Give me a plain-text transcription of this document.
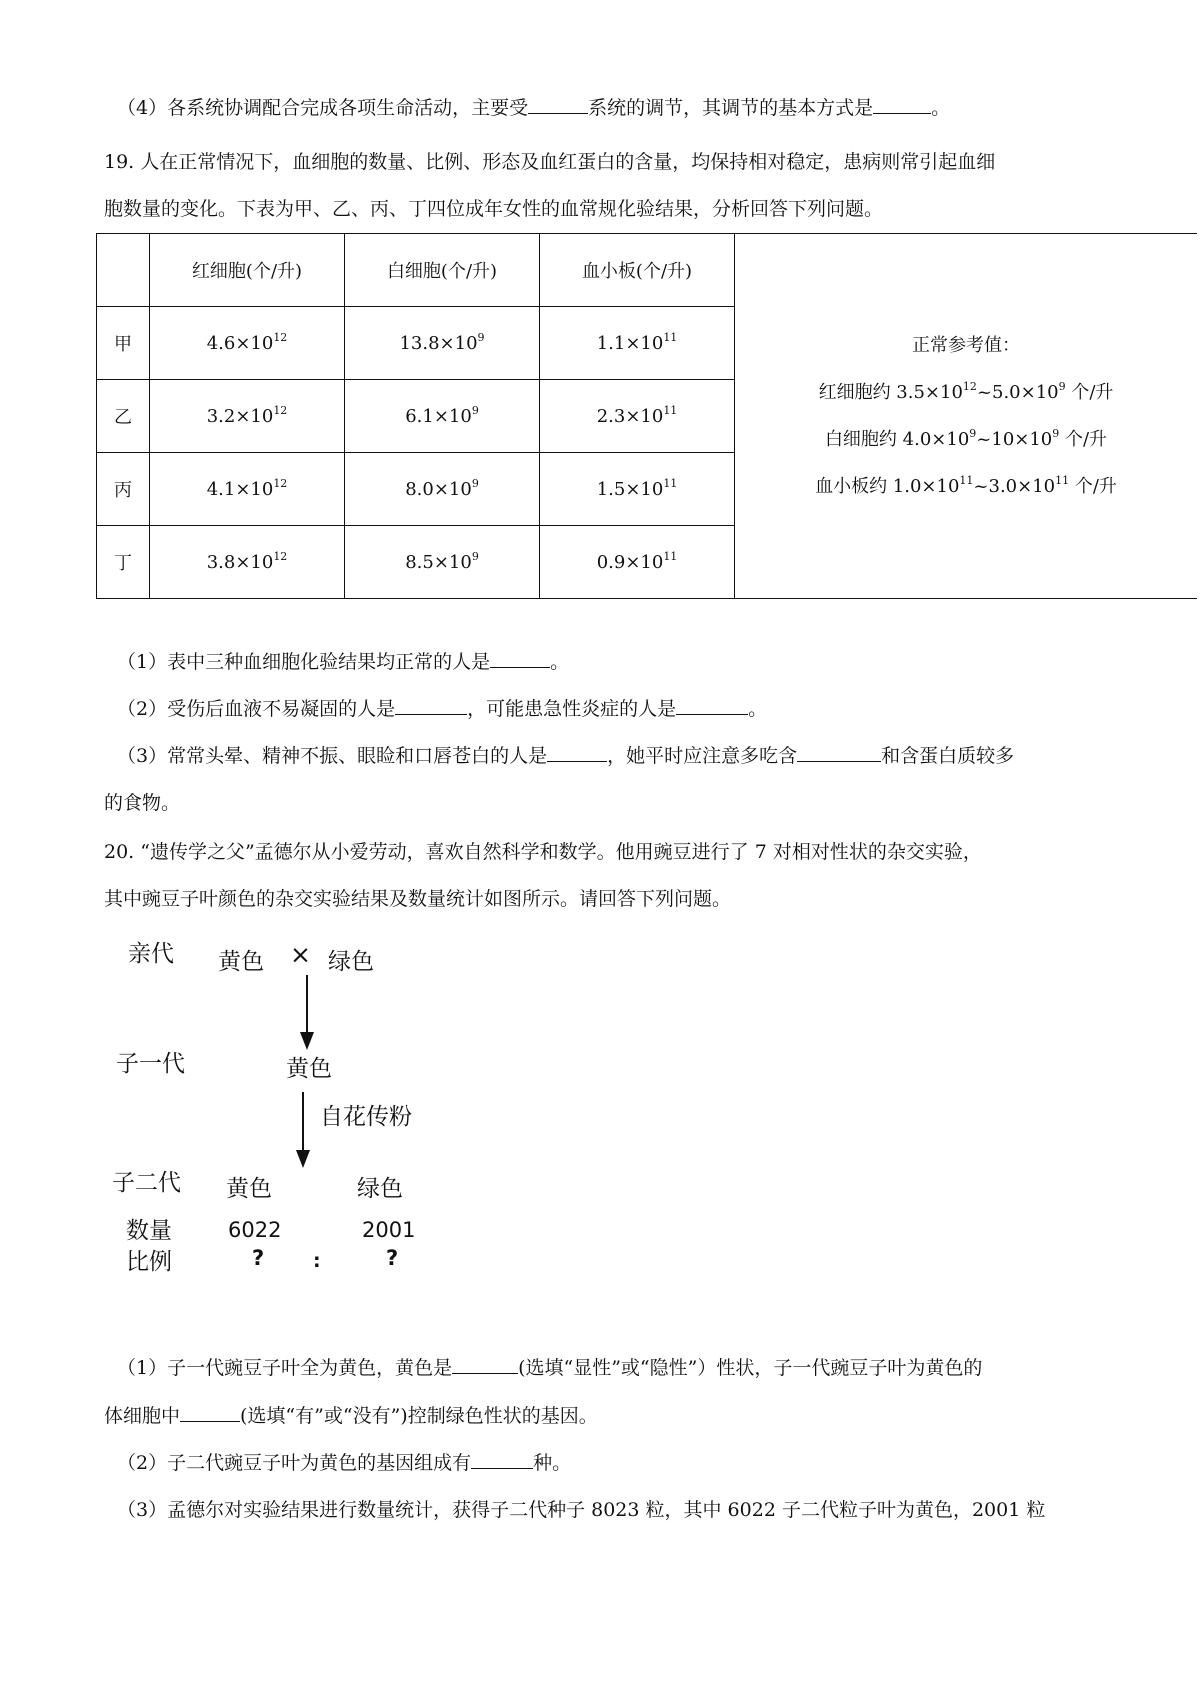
（4）各系统协调配合完成各项生命活动，主要受	系统的调节，其调节的基本方式是	。
19. 人在正常情况下，血细胞的数量、比例、形态及血红蛋白的含量，均保持相对稳定，患病则常引起血细
胞数量的变化。下表为甲、乙、丙、丁四位成年女性的血常规化验结果，分析回答下列问题。
	红细胞(个/升)	白细胞(个/升)	血小板(个/升)	正常参考值：
红细胞约 $3.5\times 10^{12}\sim 5.0\times 10^9$ 个/升
白细胞约 $4.0\times 10^9\sim 10\times 10^9$ 个/升
血小板约 $1.0\times 10^{11}\sim 3.0\times 10^{11}$ 个/升

甲	$4.6\times 10^{12}$	$13.8\times 10^9$	$1.1\times 10^{11}$
乙	$3.2\times 10^{12}$	$6.1\times 10^9$	$2.3\times 10^{11}$
丙	$4.1\times 10^{12}$	$8.0\times 10^9$	$1.5\times 10^{11}$
丁	$3.8\times 10^{12}$	$8.5\times 10^9$	$0.9\times 10^{11}$
（1）表中三种血细胞化验结果均正常的人是	。
（2）受伤后血液不易凝固的人是	，可能患急性炎症的人是	。
（3）常常头晕、精神不振、眼睑和口唇苍白的人是	，她平时应注意多吃含	和含蛋白质较多
的食物。
20. “遗传学之父”孟德尔从小爱劳动，喜欢自然科学和数学。他用豌豆进行了 7 对相对性状的杂交实验，
其中豌豆子叶颜色的杂交实验结果及数量统计如图所示。请回答下列问题。
亲代 黄色 × 绿色
子一代	黄色
自花传粉
子二代 黄色	绿色
数量	6022	2001
比例	?	:	?
（1）子一代豌豆子叶全为黄色，黄色是	(选填“显性”或“隐性”）性状，子一代豌豆子叶为黄色的
体细胞中	(选填“有”或“没有”)控制绿色性状的基因。
（2）子二代豌豆子叶为黄色的基因组成有	种。
（3）孟德尔对实验结果进行数量统计，获得子二代种子 8023 粒，其中 6022 子二代粒子叶为黄色，2001 粒
